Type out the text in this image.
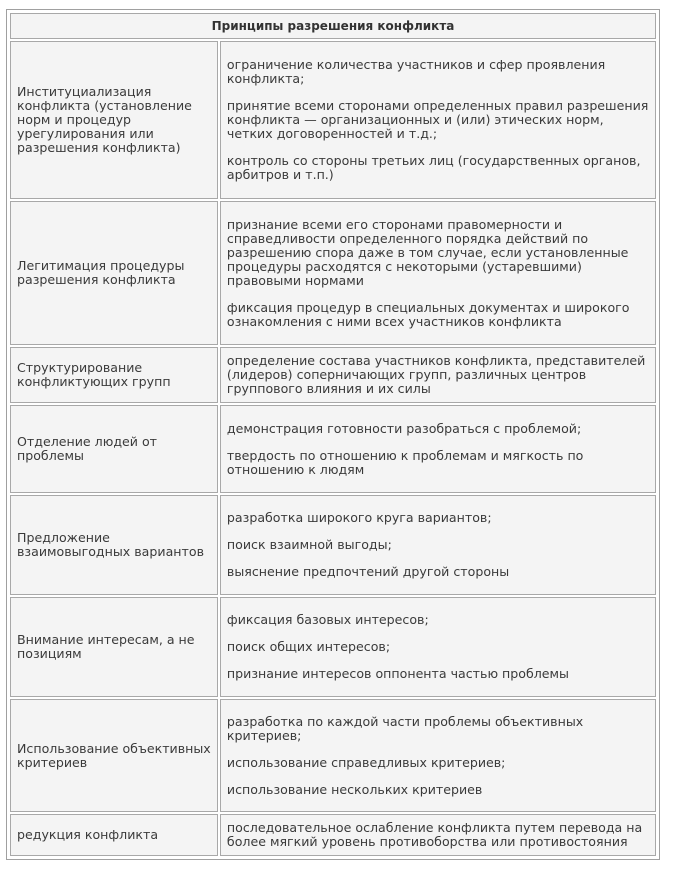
Принципы разрешения конфликта	
Институциализация конфликта (установление норм и процедур урегулирования или разрешения конфликта)	ограничение количества участников и сфер проявления конфликта;

принятие всеми сторонами определенных правил разрешения конфликта — организационных и (или) этических норм, четких договоренностей и т.д.;

контроль со стороны третьих лиц (государственных органов, арбитров и т.п.)

Легитимация процедуры разрешения конфликта	признание всеми его сторонами правомерности и справедливости определенного порядка действий по разрешению спора даже в том случае, если установленные процедуры расходятся с некоторыми (устаревшими) правовыми нормами

фиксация процедур в специальных документах и широкого ознакомления с ними всех участников конфликта

Структурирование конфликтующих групп	определение состава участников конфликта, представителей (лидеров) соперничающих групп, различных центров группового влияния и их силы

Отделение людей от проблемы	демонстрация готовности разобраться с проблемой;

твердость по отношению к проблемам и мягкость по отношению к людям

Предложение взаимовыгодных вариантов	разработка широкого круга вариантов;

поиск взаимной выгоды;

выяснение предпочтений другой стороны

Внимание интересам, а не позициям	фиксация базовых интересов;

поиск общих интересов;

признание интересов оппонента частью проблемы

Использование объективных критериев	разработка по каждой части проблемы объективных критериев;

использование справедливых критериев;

использование нескольких критериев

редукция конфликта	последовательное ослабление конфликта путем перевода на более мягкий уровень противоборства или противостояния
